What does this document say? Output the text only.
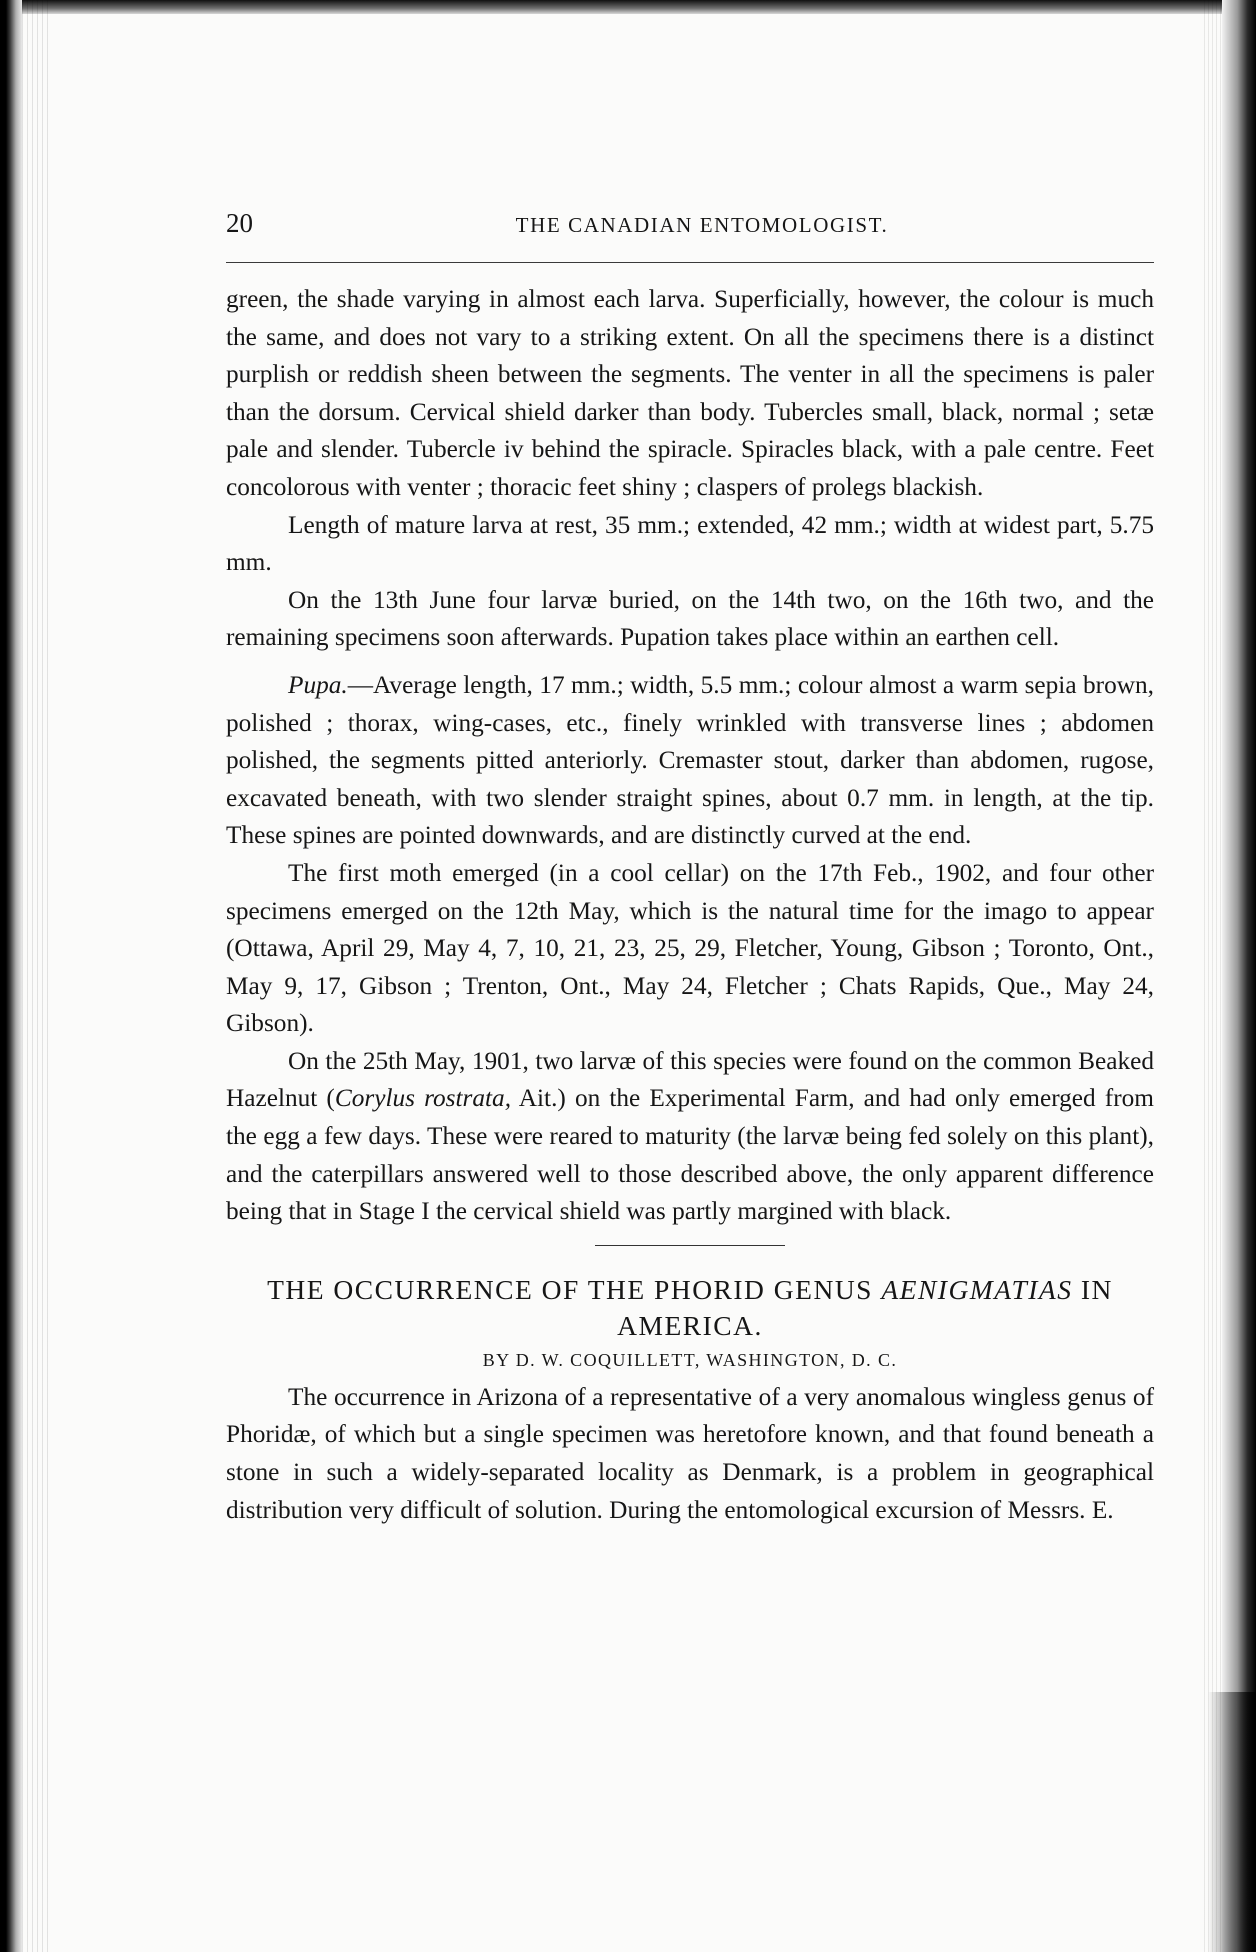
20	THE CANADIAN ENTOMOLOGIST.

green, the shade varying in almost each larva. Superficially, however, the colour is much the same, and does not vary to a striking extent. On all the specimens there is a distinct purplish or reddish sheen between the segments. The venter in all the specimens is paler than the dorsum. Cervical shield darker than body. Tubercles small, black, normal ; setæ pale and slender. Tubercle iv behind the spiracle. Spiracles black, with a pale centre. Feet concolorous with venter ; thoracic feet shiny ; claspers of prolegs blackish.

Length of mature larva at rest, 35 mm.; extended, 42 mm.; width at widest part, 5.75 mm.

On the 13th June four larvæ buried, on the 14th two, on the 16th two, and the remaining specimens soon afterwards. Pupation takes place within an earthen cell.

Pupa.—Average length, 17 mm.; width, 5.5 mm.; colour almost a warm sepia brown, polished ; thorax, wing-cases, etc., finely wrinkled with transverse lines ; abdomen polished, the segments pitted anteriorly. Cremaster stout, darker than abdomen, rugose, excavated beneath, with two slender straight spines, about 0.7 mm. in length, at the tip. These spines are pointed downwards, and are distinctly curved at the end.

The first moth emerged (in a cool cellar) on the 17th Feb., 1902, and four other specimens emerged on the 12th May, which is the natural time for the imago to appear (Ottawa, April 29, May 4, 7, 10, 21, 23, 25, 29, Fletcher, Young, Gibson ; Toronto, Ont., May 9, 17, Gibson ; Trenton, Ont., May 24, Fletcher ; Chats Rapids, Que., May 24, Gibson).

On the 25th May, 1901, two larvæ of this species were found on the common Beaked Hazelnut (Corylus rostrata, Ait.) on the Experimental Farm, and had only emerged from the egg a few days. These were reared to maturity (the larvæ being fed solely on this plant), and the caterpillars answered well to those described above, the only apparent difference being that in Stage I the cervical shield was partly margined with black.

THE OCCURRENCE OF THE PHORID GENUS AENIGMATIAS IN AMERICA.
BY D. W. COQUILLETT, WASHINGTON, D. C.

The occurrence in Arizona of a representative of a very anomalous wingless genus of Phoridæ, of which but a single specimen was heretofore known, and that found beneath a stone in such a widely-separated locality as Denmark, is a problem in geographical distribution very difficult of solution. During the entomological excursion of Messrs. E.
